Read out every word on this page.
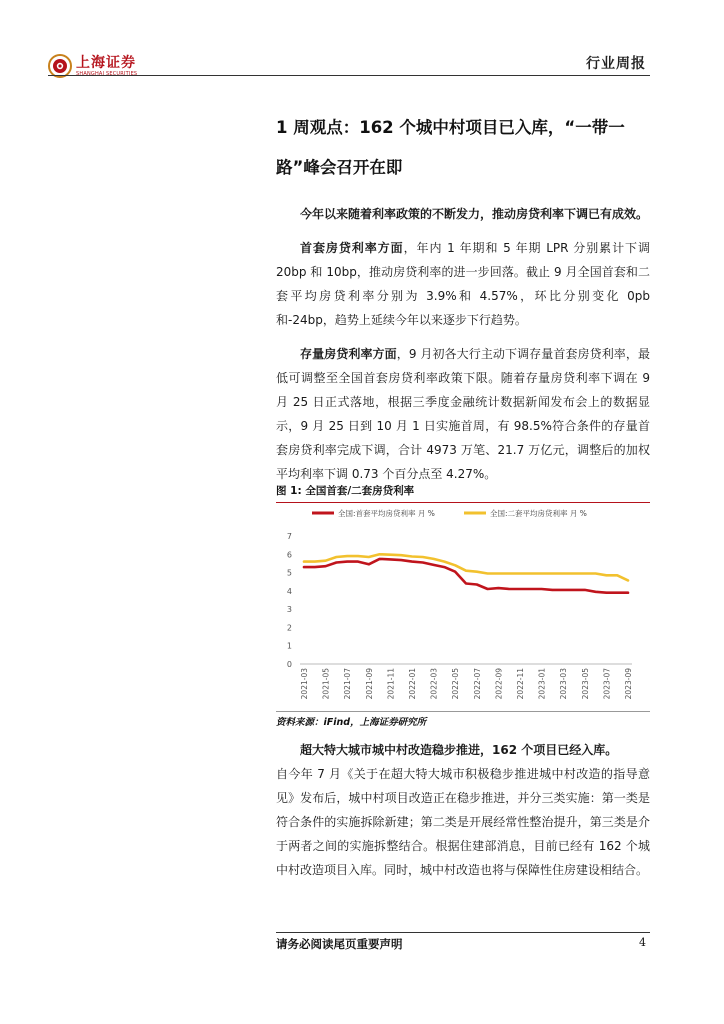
上海证券
SHANGHAI SECURITIES
行业周报
1 周观点：162 个城中村项目已入库，“一带一
路”峰会召开在即

今年以来随着利率政策的不断发力，推动房贷利率下调已有成效。

首套房贷利率方面，年内 1 年期和 5 年期 LPR 分别累计下调 20bp 和 10bp，推动房贷利率的进一步回落。截止 9 月全国首套和二套平均房贷利率分别为 3.9%和 4.57%，环比分别变化 0pb 和-24bp，趋势上延续今年以来逐步下行趋势。

存量房贷利率方面，9 月初各大行主动下调存量首套房贷利率，最低可调整至全国首套房贷利率政策下限。随着存量房贷利率下调在 9 月 25 日正式落地，根据三季度金融统计数据新闻发布会上的数据显示，9 月 25 日到 10 月 1 日实施首周，有 98.5%符合条件的存量首套房贷利率完成下调，合计 4973 万笔、21.7 万亿元，调整后的加权平均利率下调 0.73 个百分点至 4.27%。

图 1: 全国首套/二套房贷利率
全国:首套平均房贷利率 月 %	全国:二套平均房贷利率 月 %
0
1
2
3
4
5
6
7
2021-03 2021-05 2021-07 2021-09 2021-11 2022-01 2022-03 2022-05 2022-07 2022-09 2022-11 2023-01 2023-03 2023-05 2023-07 2023-09
资料来源：iFind，上海证券研究所

超大特大城市城中村改造稳步推进，162 个项目已经入库。
自今年 7 月《关于在超大特大城市积极稳步推进城中村改造的指导意见》发布后，城中村项目改造正在稳步推进，并分三类实施：第一类是符合条件的实施拆除新建；第二类是开展经常性整治提升，第三类是介于两者之间的实施拆整结合。根据住建部消息，目前已经有 162 个城中村改造项目入库。同时，城中村改造也将与保障性住房建设相结合。

请务必阅读尾页重要声明	4
